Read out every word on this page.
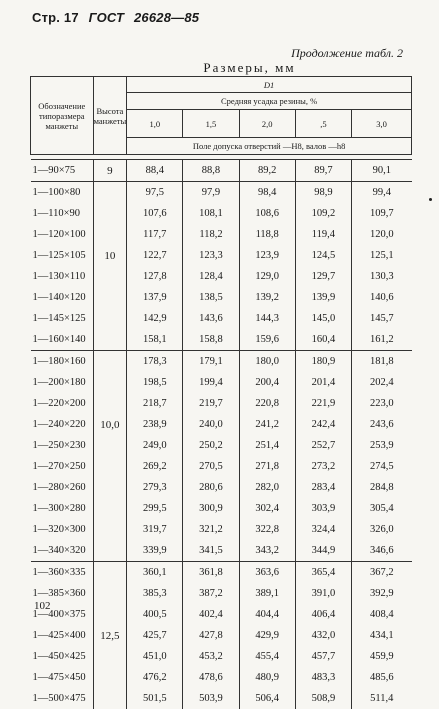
Стр. 17 ГОСТ 26628—85
Продолжение табл. 2
Размеры, мм
Обозначение типоразмера манжеты	Высота манжеты	D1				
		Средняя усадка резины, %				
		1,0	1,5	2,0	,5	3,0
		Поле допуска отверстий —Н8, валов —h8				

1—90×75	9	88,4	88,8	89,2	89,7	90,1
1—100×80		97,5	97,9	98,4	98,9	99,4
1—110×90		107,6	108,1	108,6	109,2	109,7
1—120×100		117,7	118,2	118,8	119,4	120,0
1—125×105	10	122,7	123,3	123,9	124,5	125,1
1—130×110		127,8	128,4	129,0	129,7	130,3
1—140×120		137,9	138,5	139,2	139,9	140,6
1—145×125		142,9	143,6	144,3	145,0	145,7
1—160×140		158,1	158,8	159,6	160,4	161,2
1—180×160		178,3	179,1	180,0	180,9	181,8
1—200×180		198,5	199,4	200,4	201,4	202,4
1—220×200		218,7	219,7	220,8	221,9	223,0
1—240×220	10,0	238,9	240,0	241,2	242,4	243,6
1—250×230		249,0	250,2	251,4	252,7	253,9
1—270×250		269,2	270,5	271,8	273,2	274,5
1—280×260		279,3	280,6	282,0	283,4	284,8
1—300×280		299,5	300,9	302,4	303,9	305,4
1—320×300		319,7	321,2	322,8	324,4	326,0
1—340×320		339,9	341,5	343,2	344,9	346,6
1—360×335		360,1	361,8	363,6	365,4	367,2
1—385×360		385,3	387,2	389,1	391,0	392,9
1—400×375		400,5	402,4	404,4	406,4	408,4
1—425×400	12,5	425,7	427,8	429,9	432,0	434,1
1—450×425		451,0	453,2	455,4	457,7	459,9
1—475×450		476,2	478,6	480,9	483,3	485,6
1—500×475		501,5	503,9	506,4	508,9	511,4
102
